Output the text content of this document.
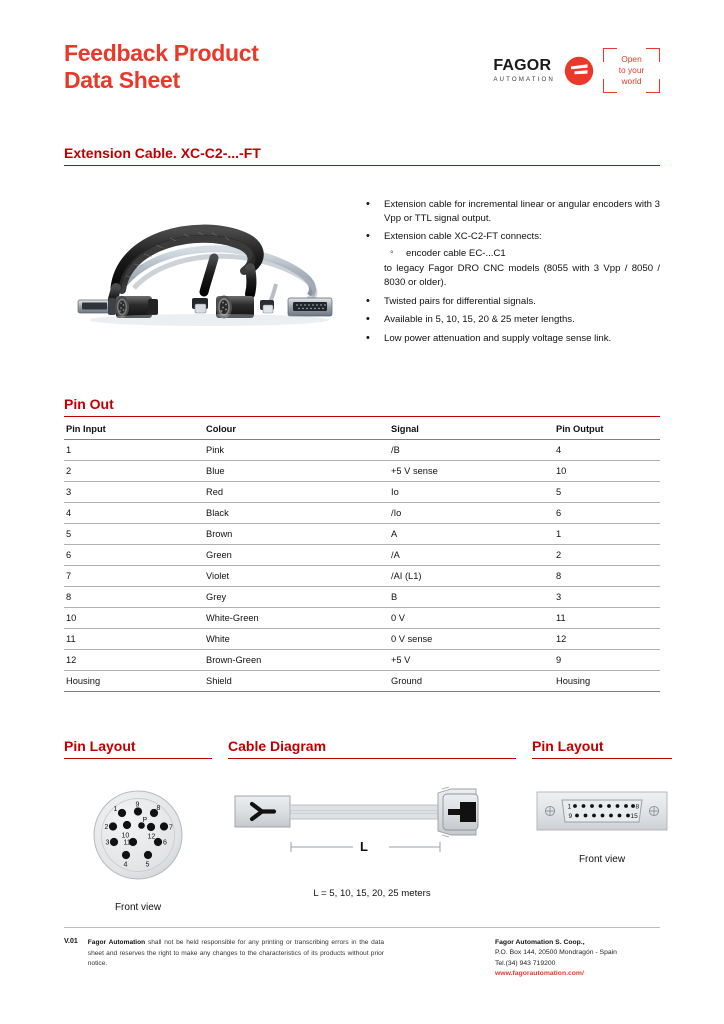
Feedback Product
Data Sheet
FAGOR
AUTOMATION
Open
to your
world
Extension Cable. XC-C2-...-FT
• Extension cable for incremental linear or angular encoders with 3 Vpp or TTL signal output.
• Extension cable XC-C2-FT connects:
◦ encoder cable EC-...C1
to legacy Fagor DRO CNC models (8055 with 3 Vpp / 8050 / 8030 or older).
• Twisted pairs for differential signals.
• Available in 5, 10, 15, 20 & 25 meter lengths.
• Low power attenuation and supply voltage sense link.
Pin Out
Pin Input	Colour	Signal	Pin Output
1	Pink	/B	4
2	Blue	+5 V sense	10
3	Red	Io	5
4	Black	/Io	6
5	Brown	A	1
6	Green	/A	2
7	Violet	/AI (L1)	8
8	Grey	B	3
10	White-Green	0 V	11
11	White	0 V sense	12
12	Brown-Green	+5 V	9
Housing	Shield	Ground	Housing
Pin Layout
1
9 8
2
10
P
12
7
3 11	6
4	5
Front view
Cable Diagram
L
L = 5, 10, 15, 20, 25 meters
Pin Layout
1	8
9	15
Front view
V.01 Fagor Automation shall not be held responsible for any printing or transcribing errors in the data sheet and reserves the right to make any changes to the characteristics of its products without prior notice.
Fagor Automation S. Coop.,
P.O. Box 144, 20500 Mondragón - Spain
Tel.(34) 943 719200
www.fagorautomation.com/
